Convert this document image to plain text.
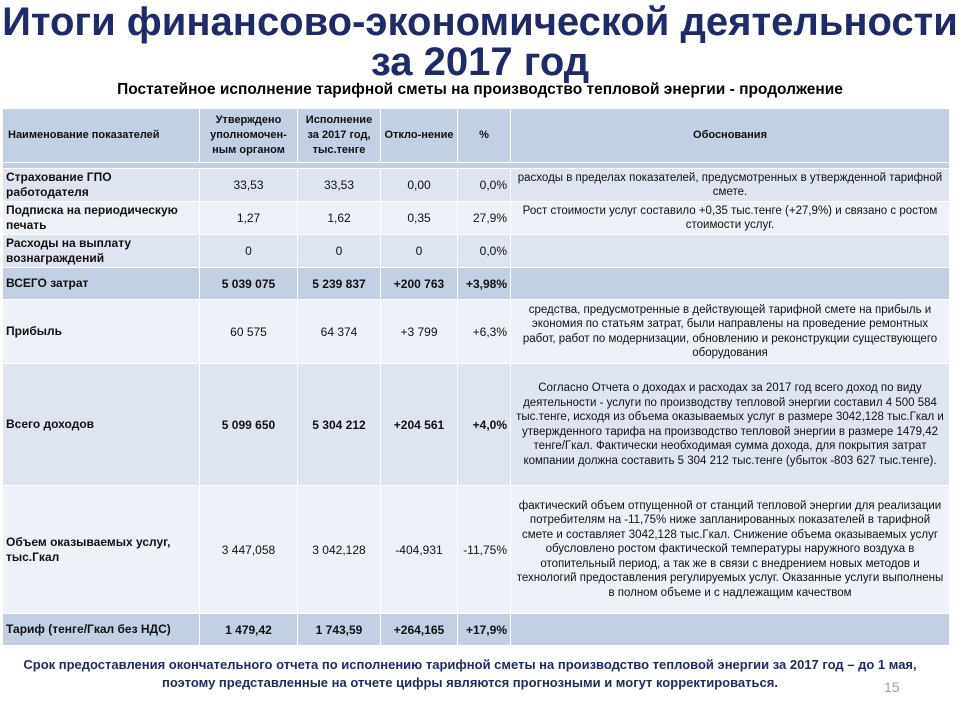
Итоги финансово-экономической деятельности за 2017 год
Постатейное исполнение тарифной сметы на производство тепловой энергии - продолжение
Наименование показателей	Утверждено уполномочен-ным органом	Исполнение за 2017 год, тыс.тенге	Откло-нение	%	Обоснования

Страхование ГПО работодателя	33,53	33,53	0,00	0,0%	расходы в пределах показателей, предусмотренных в утвержденной тарифной смете.
Подписка на периодическую печать	1,27	1,62	0,35	27,9%	Рост стоимости услуг составило +0,35 тыс.тенге (+27,9%) и связано с ростом стоимости услуг.
Расходы на выплату вознаграждений	0	0	0	0,0%	
ВСЕГО затрат	5 039 075	5 239 837	+200 763	+3,98%	
Прибыль	60 575	64 374	+3 799	+6,3%	средства, предусмотренные в действующей тарифной смете на прибыль и экономия по статьям затрат, были направлены на проведение ремонтных работ, работ по модернизации, обновлению и реконструкции существующего оборудования
Всего доходов	5 099 650	5 304 212	+204 561	+4,0%	Согласно Отчета о доходах и расходах за 2017 год всего доход по виду деятельности - услуги по производству тепловой энергии составил 4 500 584 тыс.тенге, исходя из объема оказываемых услуг в размере 3042,128 тыс.Гкал и утвержденного тарифа на производство тепловой энергии в размере 1479,42 тенге/Гкал. Фактически необходимая сумма дохода, для покрытия затрат компании должна составить 5 304 212 тыс.тенге (убыток -803 627 тыс.тенге).
Объем оказываемых услуг, тыс.Гкал	3 447,058	3 042,128	-404,931	-11,75%	фактический объем отпущенной от станций тепловой энергии для реализации потребителям на -11,75% ниже запланированных показателей в тарифной смете и составляет 3042,128 тыс.Гкал. Снижение объема оказываемых услуг обусловлено ростом фактической температуры наружного воздуха в отопительный период, а так же в связи с внедрением новых методов и технологий предоставления регулируемых услуг. Оказанные услуги выполнены в полном объеме и с надлежащим качеством
Тариф (тенге/Гкал без НДС)	1 479,42	1 743,59	+264,165	+17,9%	
Срок предоставления окончательного отчета по исполнению тарифной сметы на производство тепловой энергии за 2017 год – до 1 мая, поэтому представленные на отчете цифры являются прогнозными и могут корректироваться.	15
